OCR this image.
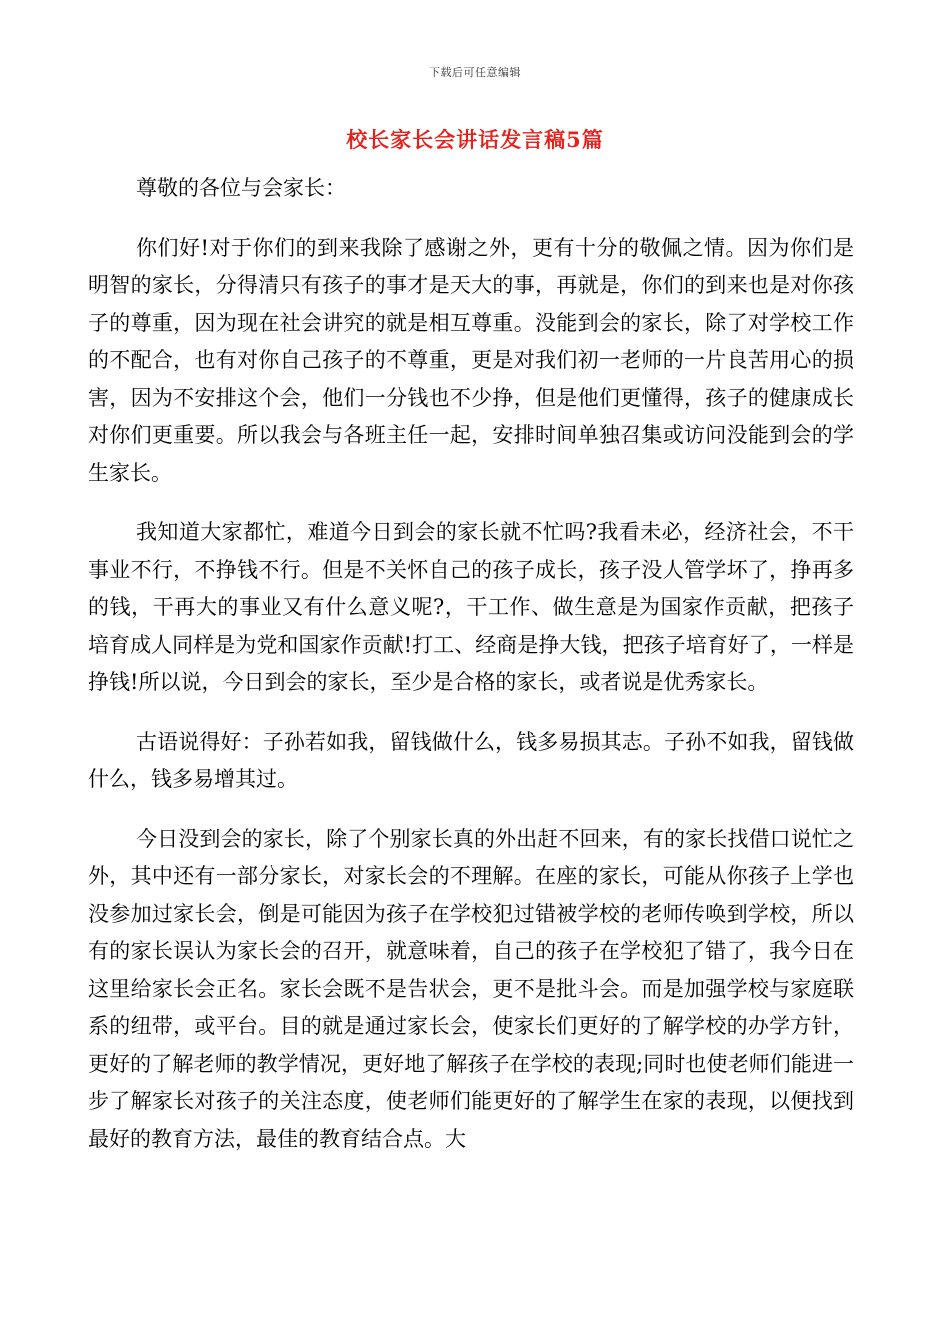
下载后可任意编辑
校长家长会讲话发言稿5篇

尊敬的各位与会家长：

你们好!对于你们的到来我除了感谢之外，更有十分的敬佩之情。因为你们是明智的家长，分得清只有孩子的事才是天大的事，再就是，你们的到来也是对你孩子的尊重，因为现在社会讲究的就是相互尊重。没能到会的家长，除了对学校工作的不配合，也有对你自己孩子的不尊重，更是对我们初一老师的一片良苦用心的损害，因为不安排这个会，他们一分钱也不少挣，但是他们更懂得，孩子的健康成长对你们更重要。所以我会与各班主任一起，安排时间单独召集或访问没能到会的学生家长。

我知道大家都忙，难道今日到会的家长就不忙吗?我看未必，经济社会，不干事业不行，不挣钱不行。但是不关怀自己的孩子成长，孩子没人管学坏了，挣再多的钱，干再大的事业又有什么意义呢?，干工作、做生意是为国家作贡献，把孩子培育成人同样是为党和国家作贡献!打工、经商是挣大钱，把孩子培育好了，一样是挣钱!所以说，今日到会的家长，至少是合格的家长，或者说是优秀家长。

古语说得好：子孙若如我，留钱做什么，钱多易损其志。子孙不如我，留钱做什么，钱多易增其过。

今日没到会的家长，除了个别家长真的外出赶不回来，有的家长找借口说忙之外，其中还有一部分家长，对家长会的不理解。在座的家长，可能从你孩子上学也没参加过家长会，倒是可能因为孩子在学校犯过错被学校的老师传唤到学校，所以有的家长误认为家长会的召开，就意味着，自己的孩子在学校犯了错了，我今日在这里给家长会正名。家长会既不是告状会，更不是批斗会。而是加强学校与家庭联系的纽带，或平台。目的就是通过家长会，使家长们更好的了解学校的办学方针，更好的了解老师的教学情况，更好地了解孩子在学校的表现;同时也使老师们能进一步了解家长对孩子的关注态度，使老师们能更好的了解学生在家的表现，以便找到最好的教育方法，最佳的教育结合点。大
